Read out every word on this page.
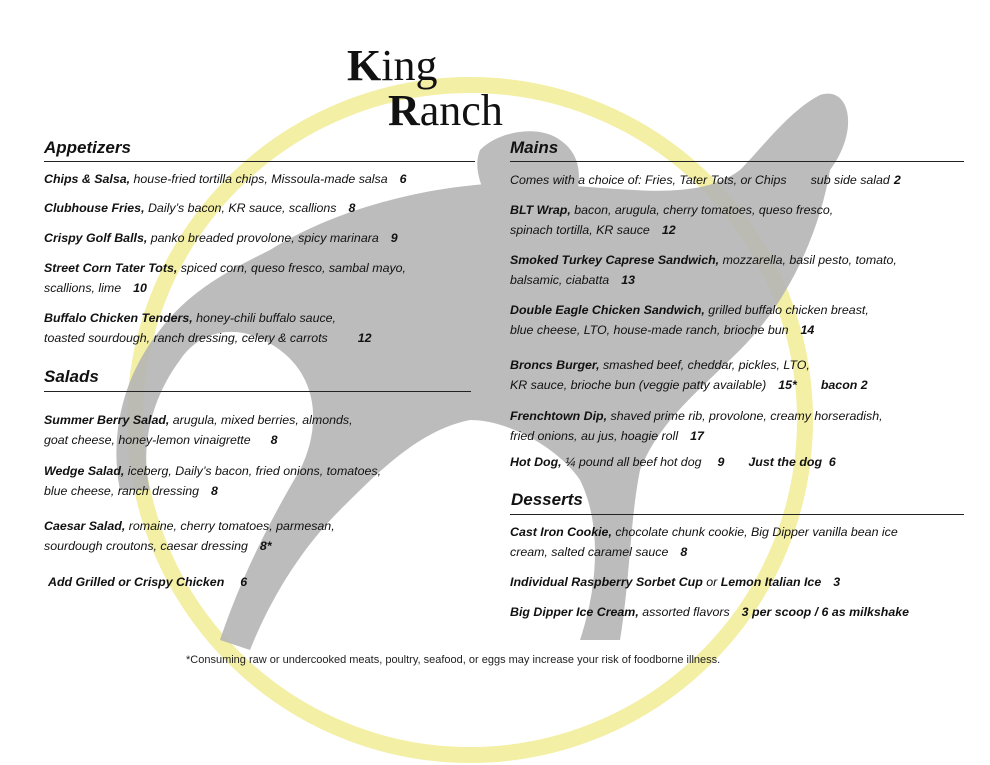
King
Ranch
Appetizers
Chips & Salsa, house-fried tortilla chips, Missoula-made salsa 6
Clubhouse Fries, Daily’s bacon, KR sauce, scallions 8
Crispy Golf Balls, panko breaded provolone, spicy marinara 9
Street Corn Tater Tots, spiced corn, queso fresco, sambal mayo,
scallions, lime 10
Buffalo Chicken Tenders, honey-chili buffalo sauce,
toasted sourdough, ranch dressing, celery & carrots 12
Salads
Summer Berry Salad, arugula, mixed berries, almonds,
goat cheese, honey-lemon vinaigrette 8
Wedge Salad, iceberg, Daily’s bacon, fried onions, tomatoes,
blue cheese, ranch dressing 8
Caesar Salad, romaine, cherry tomatoes, parmesan,
sourdough croutons, caesar dressing 8*
Add Grilled or Crispy Chicken 6
Mains
Comes with a choice of: Fries, Tater Tots, or Chips sub side salad 2
BLT Wrap, bacon, arugula, cherry tomatoes, queso fresco,
spinach tortilla, KR sauce 12
Smoked Turkey Caprese Sandwich, mozzarella, basil pesto, tomato,
balsamic, ciabatta 13
Double Eagle Chicken Sandwich, grilled buffalo chicken breast,
blue cheese, LTO, house-made ranch, brioche bun 14
Broncs Burger, smashed beef, cheddar, pickles, LTO,
KR sauce, brioche bun (veggie patty available) 15* bacon 2
Frenchtown Dip, shaved prime rib, provolone, creamy horseradish,
fried onions, au jus, hoagie roll 17
Hot Dog, ¼ pound all beef hot dog 9 Just the dog  6
Desserts
Cast Iron Cookie, chocolate chunk cookie, Big Dipper vanilla bean ice
cream, salted caramel sauce 8
Individual Raspberry Sorbet Cup or Lemon Italian Ice 3
Big Dipper Ice Cream, assorted flavors 3 per scoop / 6 as milkshake
*Consuming raw or undercooked meats, poultry, seafood, or eggs may increase your risk of foodborne illness.
